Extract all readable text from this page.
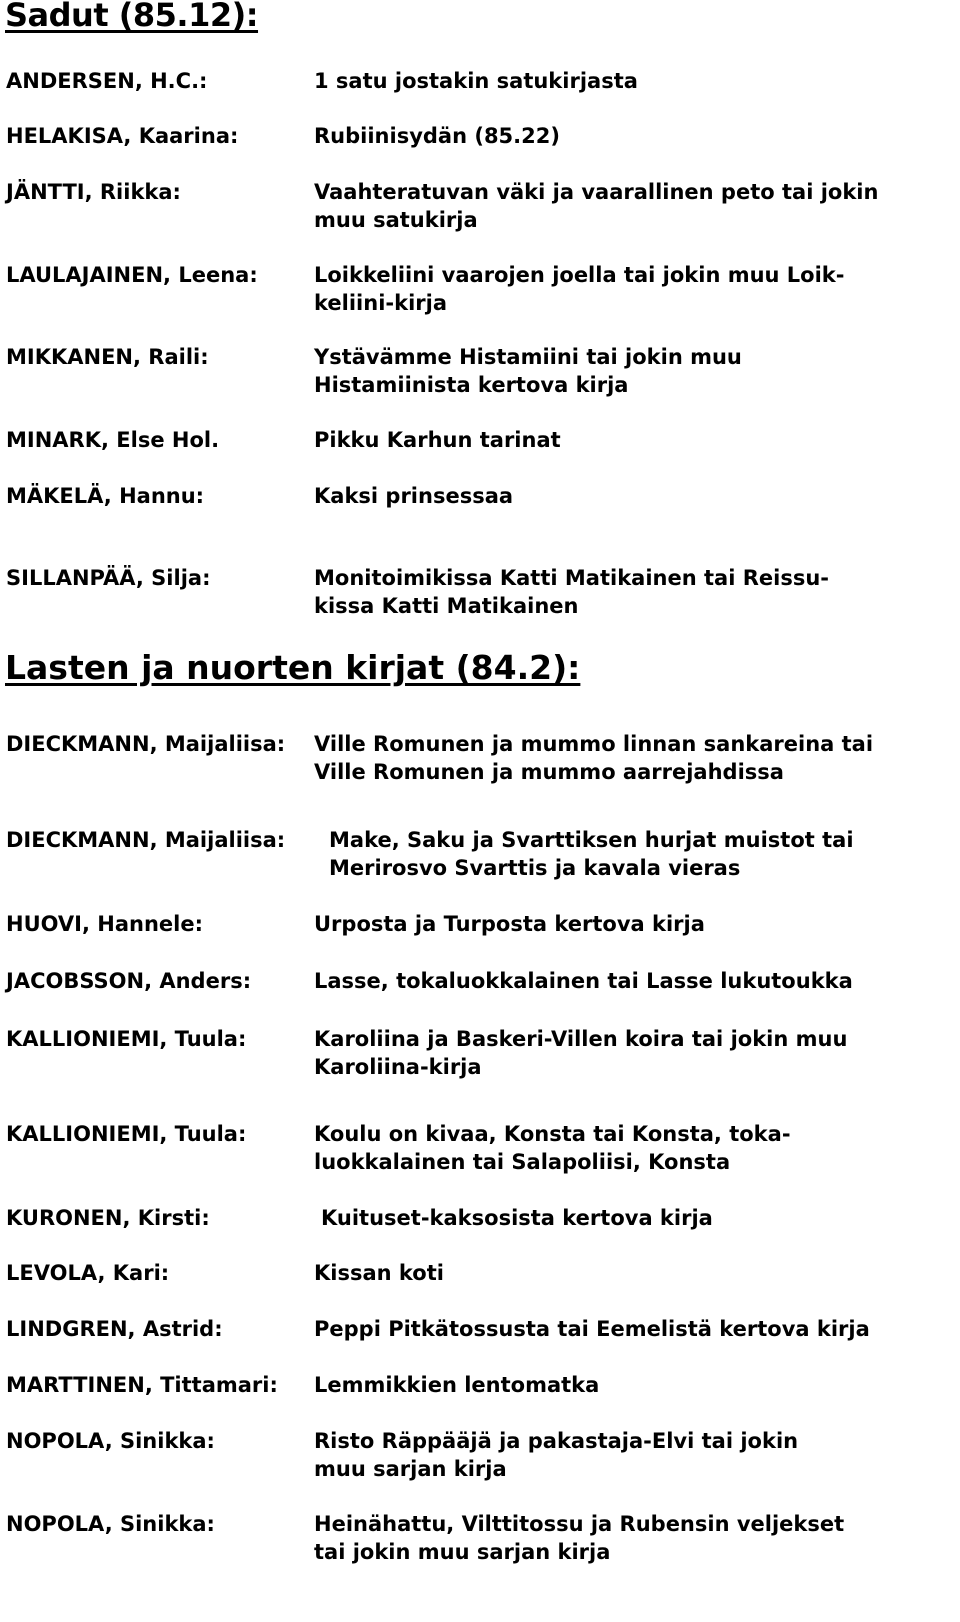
Sadut (85.12):
ANDERSEN, H.C.:	1 satu jostakin satukirjasta
HELAKISA, Kaarina:	Rubiinisydän (85.22)
JÄNTTI, Riikka:	Vaahteratuvan väki ja vaarallinen peto tai jokin
muu satukirja
LAULAJAINEN, Leena:	Loikkeliini vaarojen joella tai jokin muu Loik-
keliini-kirja
MIKKANEN, Raili:	Ystävämme Histamiini tai jokin muu
Histamiinista kertova kirja
MINARK, Else Hol.	Pikku Karhun tarinat
MÄKELÄ, Hannu:	Kaksi prinsessaa
SILLANPÄÄ, Silja:	Monitoimikissa Katti Matikainen tai Reissu-
kissa Katti Matikainen
Lasten ja nuorten kirjat (84.2):
DIECKMANN, Maijaliisa: Ville Romunen ja mummo linnan sankareina tai
Ville Romunen ja mummo aarrejahdissa
DIECKMANN, Maijaliisa: Make, Saku ja Svarttiksen hurjat muistot tai
Merirosvo Svarttis ja kavala vieras
HUOVI, Hannele:	Urposta ja Turposta kertova kirja
JACOBSSON, Anders:	Lasse, tokaluokkalainen tai Lasse lukutoukka
KALLIONIEMI, Tuula:	Karoliina ja Baskeri-Villen koira tai jokin muu
Karoliina-kirja
KALLIONIEMI, Tuula:	Koulu on kivaa, Konsta tai Konsta, toka-
luokkalainen tai Salapoliisi, Konsta
KURONEN, Kirsti:	Kuituset-kaksosista kertova kirja
LEVOLA, Kari:	Kissan koti
LINDGREN, Astrid:	Peppi Pitkätossusta tai Eemelistä kertova kirja
MARTTINEN, Tittamari: Lemmikkien lentomatka
NOPOLA, Sinikka:	Risto Räppääjä ja pakastaja-Elvi tai jokin
muu sarjan kirja
NOPOLA, Sinikka:	Heinähattu, Vilttitossu ja Rubensin veljekset
tai jokin muu sarjan kirja
